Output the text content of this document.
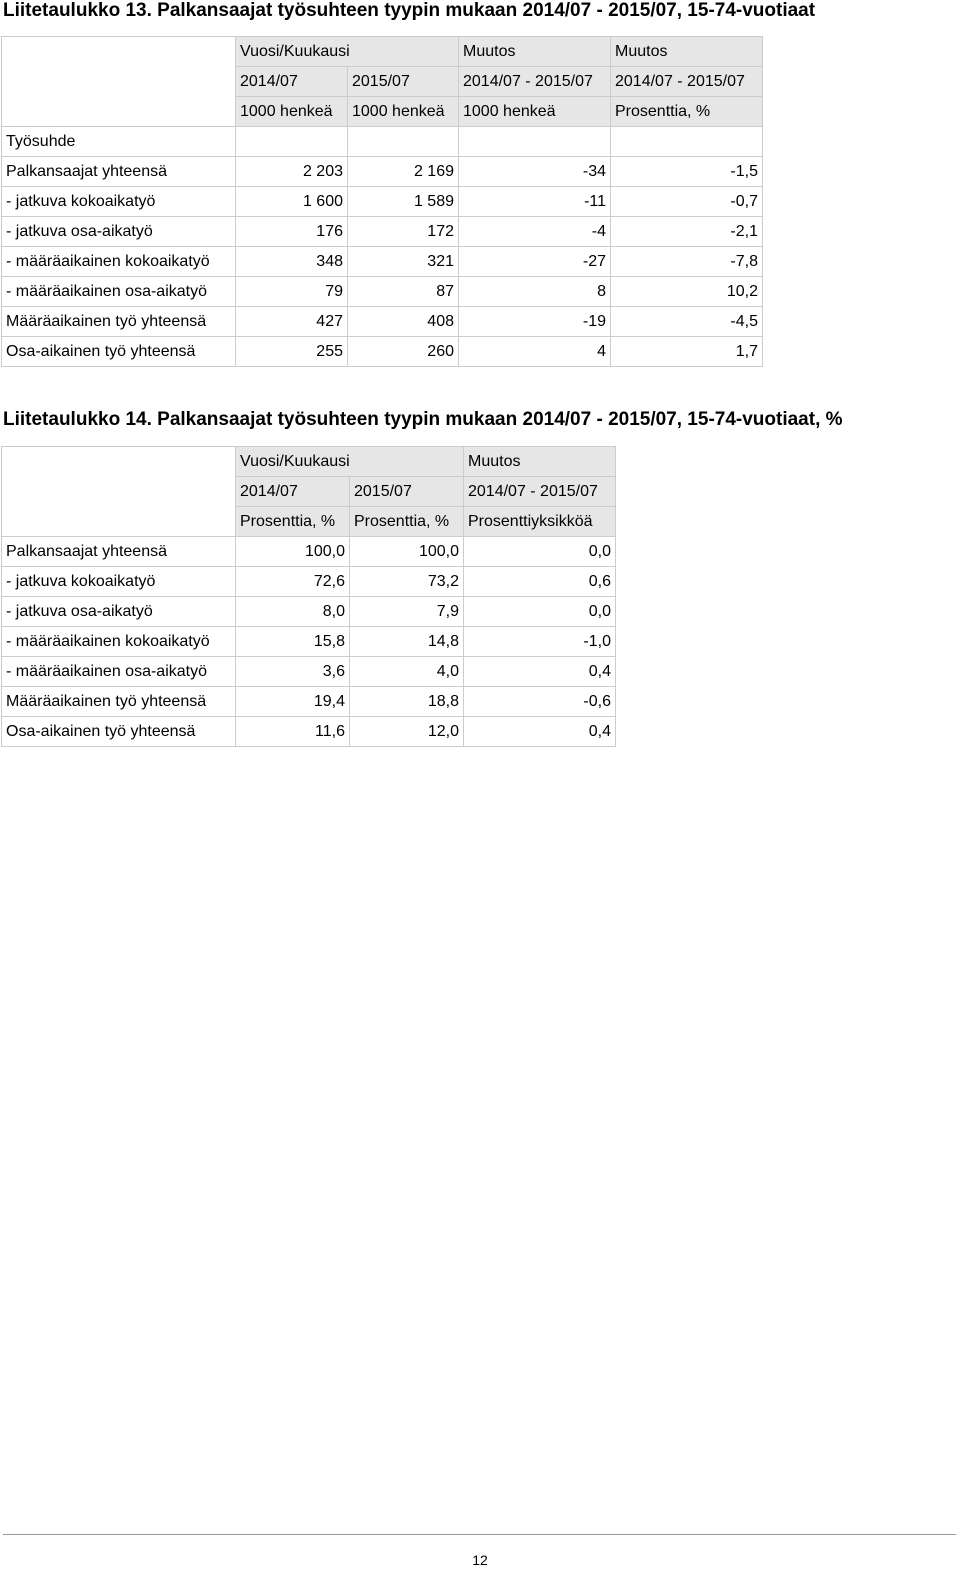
Liitetaulukko 13. Palkansaajat työsuhteen tyypin mukaan 2014/07 - 2015/07, 15-74-vuotiaat
	Vuosi/Kuukausi		Muutos	Muutos
	2014/07	2015/07	2014/07 - 2015/07	2014/07 - 2015/07
	1000 henkeä	1000 henkeä	1000 henkeä	Prosenttia, %
Työsuhde				
Palkansaajat yhteensä	2 203	2 169	-34	-1,5
- jatkuva kokoaikatyö	1 600	1 589	-11	-0,7
- jatkuva osa-aikatyö	176	172	-4	-2,1
- määräaikainen kokoaikatyö	348	321	-27	-7,8
- määräaikainen osa-aikatyö	79	87	8	10,2
Määräaikainen työ yhteensä	427	408	-19	-4,5
Osa-aikainen työ yhteensä	255	260	4	1,7
Liitetaulukko 14. Palkansaajat työsuhteen tyypin mukaan 2014/07 - 2015/07, 15-74-vuotiaat, %
	Vuosi/Kuukausi		Muutos
	2014/07	2015/07	2014/07 - 2015/07
	Prosenttia, %	Prosenttia, %	Prosenttiyksikköä
Palkansaajat yhteensä	100,0	100,0	0,0
- jatkuva kokoaikatyö	72,6	73,2	0,6
- jatkuva osa-aikatyö	8,0	7,9	0,0
- määräaikainen kokoaikatyö	15,8	14,8	-1,0
- määräaikainen osa-aikatyö	3,6	4,0	0,4
Määräaikainen työ yhteensä	19,4	18,8	-0,6
Osa-aikainen työ yhteensä	11,6	12,0	0,4
12
